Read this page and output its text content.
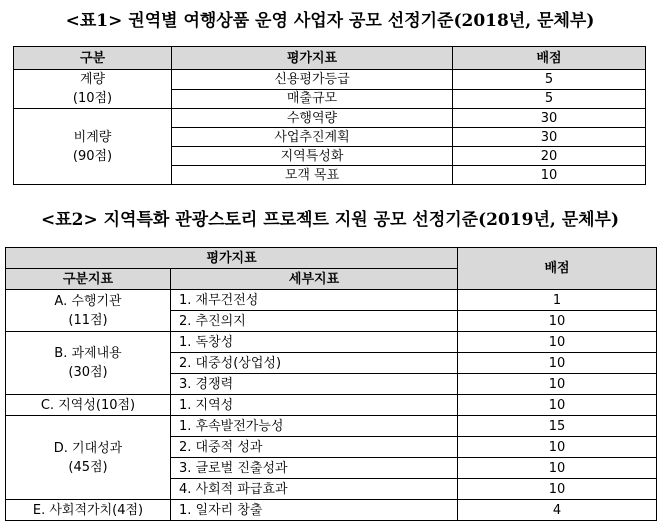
<표1> 권역별 여행상품 운영 사업자 공모 선정기준(2018년, 문체부)
구분	평가지표	배점

계량
(10점)	신용평가등급	5
	매출규모	5

비계량
(90점)	수행역량	30
	사업추진계획	30
	지역특성화	20
	모객 목표	10
<표2> 지역특화 관광스토리 프로젝트 지원 공모 선정기준(2019년, 문체부)
평가지표		배점
구분지표	세부지표	

A. 수행기관
(11점)	1. 재무건전성	1
	2. 추진의지	10

B. 과제내용
(30점)	1. 독창성	10
	2. 대중성(상업성)	10
	3. 경쟁력	10

C. 지역성(10점)	1. 지역성	10

D. 기대성과
(45점)	1. 후속발전가능성	15
	2. 대중적 성과	10
	3. 글로벌 진출성과	10
	4. 사회적 파급효과	10

E. 사회적가치(4점)	1. 일자리 창출	4
